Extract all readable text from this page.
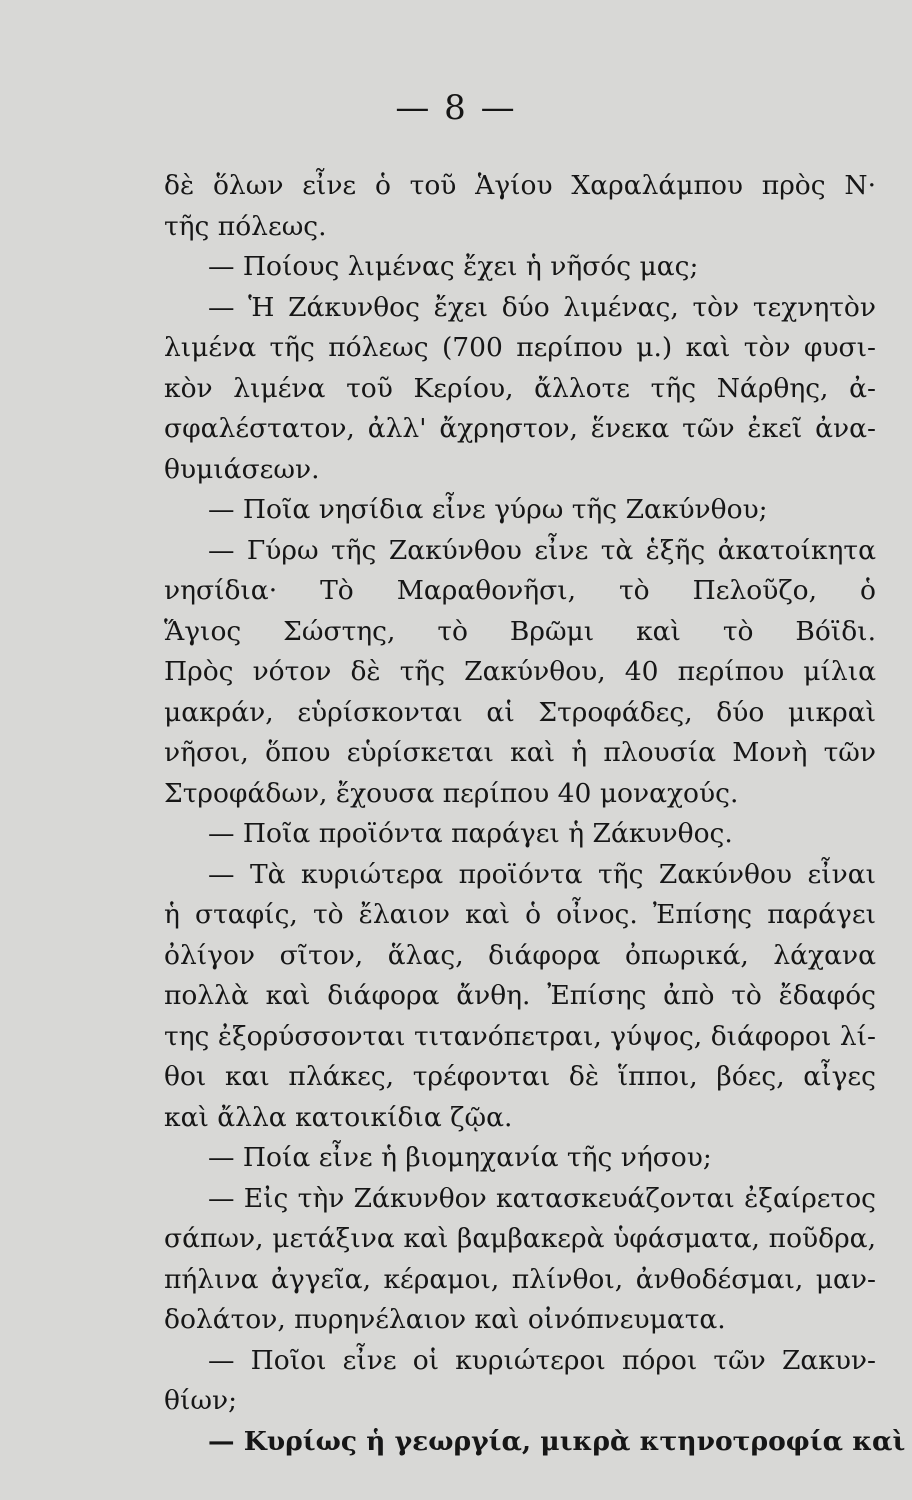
— 8 —
δὲ ὅλων εἶνε ὁ τοῦ Ἁγίου Χαραλάμπου πρὸς Ν·
τῆς πόλεως.
— Ποίους λιμένας ἔχει ἡ νῆσός μας;
— Ἡ Ζάκυνθος ἔχει δύο λιμένας, τὸν τεχνητὸν
λιμένα τῆς πόλεως (700 περίπου μ.) καὶ τὸν φυσι-
κὸν λιμένα τοῦ Κερίου, ἄλλοτε τῆς Νάρθης, ἀ-
σφαλέστατον, ἀλλ' ἄχρηστον, ἕνεκα τῶν ἐκεῖ ἀνα-
θυμιάσεων.
— Ποῖα νησίδια εἶνε γύρω τῆς Ζακύνθου;
— Γύρω τῆς Ζακύνθου εἶνε τὰ ἑξῆς ἀκατοίκητα
νησίδια· Τὸ Μαραθονῆσι, τὸ Πελοῦζο, ὁ
Ἅγιος Σώστης, τὸ Βρῶμι καὶ τὸ Βόϊδι.
Πρὸς νότον δὲ τῆς Ζακύνθου, 40 περίπου μίλια
μακράν, εὑρίσκονται αἱ Στροφάδες, δύο μικραὶ
νῆσοι, ὅπου εὑρίσκεται καὶ ἡ πλουσία Μονὴ τῶν
Στροφάδων, ἔχουσα περίπου 40 μοναχούς.
— Ποῖα προϊόντα παράγει ἡ Ζάκυνθος.
— Τὰ κυριώτερα προϊόντα τῆς Ζακύνθου εἶναι
ἡ σταφίς, τὸ ἔλαιον καὶ ὁ οἶνος. Ἐπίσης παράγει
ὀλίγον σῖτον, ἅλας, διάφορα ὀπωρικά, λάχανα
πολλὰ καὶ διάφορα ἄνθη. Ἐπίσης ἀπὸ τὸ ἔδαφός
της ἐξορύσσονται τιτανόπετραι, γύψος, διάφοροι λί-
θοι και πλάκες, τρέφονται δὲ ἵπποι, βόες, αἶγες
καὶ ἄλλα κατοικίδια ζῷα.
— Ποία εἶνε ἡ βιομηχανία τῆς νήσου;
— Εἰς τὴν Ζάκυνθον κατασκευάζονται ἐξαίρετος
σάπων, μετάξινα καὶ βαμβακερὰ ὑφάσματα, ποῦδρα,
πήλινα ἀγγεῖα, κέραμοι, πλίνθοι, ἀνθοδέσμαι, μαν-
δολάτον, πυρηνέλαιον καὶ οἰνόπνευματα.
— Ποῖοι εἶνε οἱ κυριώτεροι πόροι τῶν Ζακυν-
θίων;
— Κυρίως ἡ γεωργία, μικρὰ κτηνοτροφία καὶ
